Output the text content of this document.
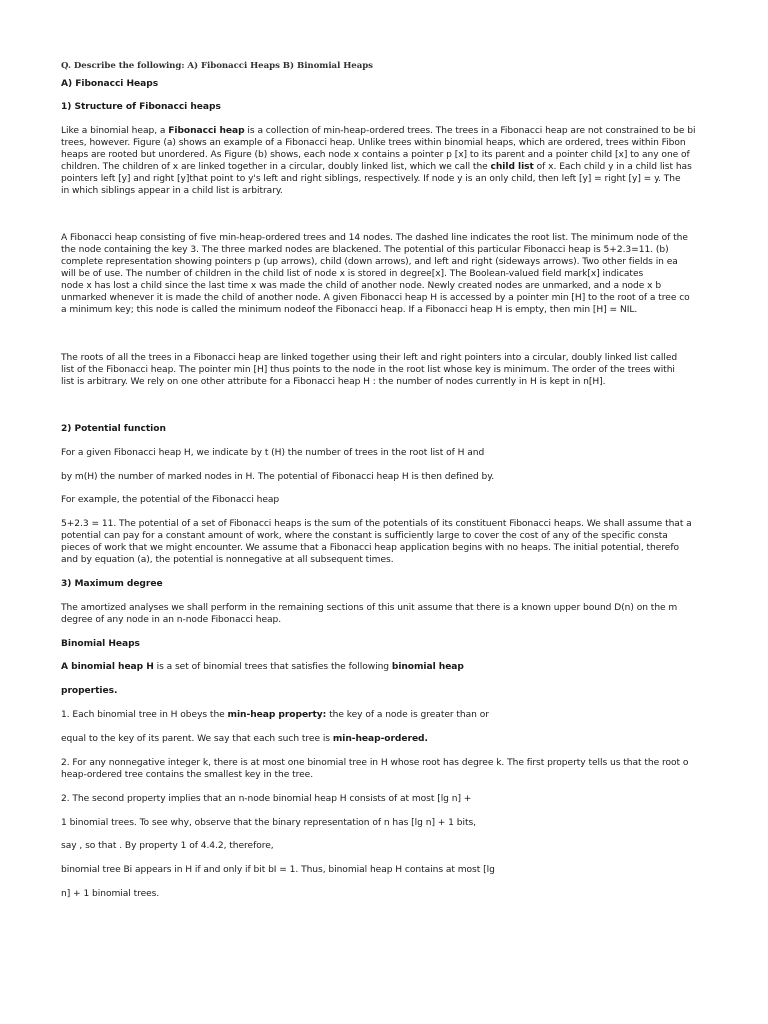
Q. Describe the following: A) Fibonacci Heaps B) Binomial Heaps
A) Fibonacci Heaps
1) Structure of Fibonacci heaps
Like a binomial heap, a Fibonacci heap is a collection of min-heap-ordered trees. The trees in a Fibonacci heap are not constrained to be bi
trees, however. Figure (a) shows an example of a Fibonacci heap. Unlike trees within binomial heaps, which are ordered, trees within Fibon
heaps are rooted but unordered. As Figure (b) shows, each node x contains a pointer p [x] to its parent and a pointer child [x] to any one of
children. The children of x are linked together in a circular, doubly linked list, which we call the child list of x. Each child y in a child list has
pointers left [y] and right [y]that point to y's left and right siblings, respectively. If node y is an only child, then left [y] = right [y] = y. The
in which siblings appear in a child list is arbitrary.
A Fibonacci heap consisting of five min-heap-ordered trees and 14 nodes. The dashed line indicates the root list. The minimum node of the
the node containing the key 3. The three marked nodes are blackened. The potential of this particular Fibonacci heap is 5+2.3=11. (b)
complete representation showing pointers p (up arrows), child (down arrows), and left and right (sideways arrows). Two other fields in ea
will be of use. The number of children in the child list of node x is stored in degree[x]. The Boolean-valued field mark[x] indicates
node x has lost a child since the last time x was made the child of another node. Newly created nodes are unmarked, and a node x b
unmarked whenever it is made the child of another node. A given Fibonacci heap H is accessed by a pointer min [H] to the root of a tree co
a minimum key; this node is called the minimum nodeof the Fibonacci heap. If a Fibonacci heap H is empty, then min [H] = NIL.
The roots of all the trees in a Fibonacci heap are linked together using their left and right pointers into a circular, doubly linked list called
list of the Fibonacci heap. The pointer min [H] thus points to the node in the root list whose key is minimum. The order of the trees withi
list is arbitrary. We rely on one other attribute for a Fibonacci heap H : the number of nodes currently in H is kept in n[H].
2) Potential function
For a given Fibonacci heap H, we indicate by t (H) the number of trees in the root list of H and
by m(H) the number of marked nodes in H. The potential of Fibonacci heap H is then defined by.
For example, the potential of the Fibonacci heap
5+2.3 = 11. The potential of a set of Fibonacci heaps is the sum of the potentials of its constituent Fibonacci heaps. We shall assume that a
potential can pay for a constant amount of work, where the constant is sufficiently large to cover the cost of any of the specific consta
pieces of work that we might encounter. We assume that a Fibonacci heap application begins with no heaps. The initial potential, therefo
and by equation (a), the potential is nonnegative at all subsequent times.
3) Maximum degree
The amortized analyses we shall perform in the remaining sections of this unit assume that there is a known upper bound D(n) on the m
degree of any node in an n-node Fibonacci heap.
Binomial Heaps
A binomial heap H is a set of binomial trees that satisfies the following binomial heap
properties.
1. Each binomial tree in H obeys the min-heap property: the key of a node is greater than or
equal to the key of its parent. We say that each such tree is min-heap-ordered.
2. For any nonnegative integer k, there is at most one binomial tree in H whose root has degree k. The first property tells us that the root o
heap-ordered tree contains the smallest key in the tree.
2. The second property implies that an n-node binomial heap H consists of at most [lg n] +
1 binomial trees. To see why, observe that the binary representation of n has [lg n] + 1 bits,
say , so that . By property 1 of 4.4.2, therefore,
binomial tree Bi appears in H if and only if bit bI = 1. Thus, binomial heap H contains at most [lg
n] + 1 binomial trees.
